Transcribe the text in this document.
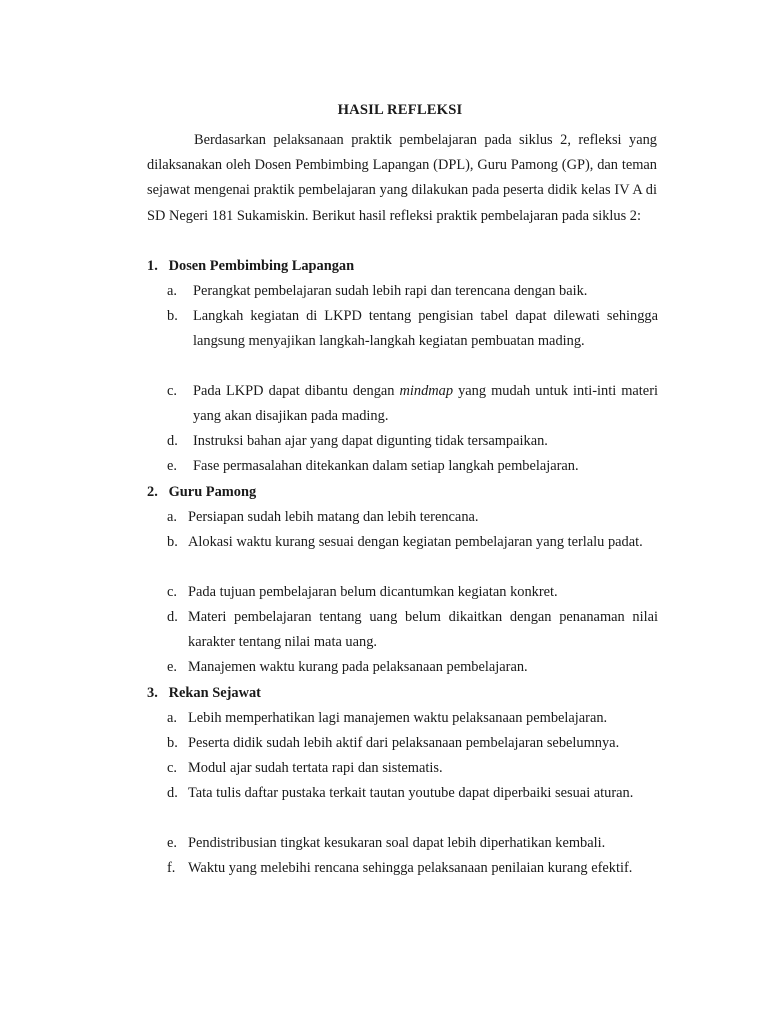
HASIL REFLEKSI
Berdasarkan pelaksanaan praktik pembelajaran pada siklus 2, refleksi yang dilaksanakan oleh Dosen Pembimbing Lapangan (DPL), Guru Pamong (GP), dan teman sejawat mengenai praktik pembelajaran yang dilakukan pada peserta didik kelas IV A di SD Negeri 181 Sukamiskin. Berikut hasil refleksi praktik pembelajaran pada siklus 2:
1. Dosen Pembimbing Lapangan
a.	Perangkat pembelajaran sudah lebih rapi dan terencana dengan baik.
b.	Langkah kegiatan di LKPD tentang pengisian tabel dapat dilewati sehingga langsung menyajikan langkah-langkah kegiatan pembuatan mading.
c.	Pada LKPD dapat dibantu dengan mindmap yang mudah untuk inti-inti materi yang akan disajikan pada mading.
d.	Instruksi bahan ajar yang dapat digunting tidak tersampaikan.
e.	Fase permasalahan ditekankan dalam setiap langkah pembelajaran.
2. Guru Pamong
a. Persiapan sudah lebih matang dan lebih terencana.
b. Alokasi waktu kurang sesuai dengan kegiatan pembelajaran yang terlalu padat.
c. Pada tujuan pembelajaran belum dicantumkan kegiatan konkret.
d. Materi pembelajaran tentang uang belum dikaitkan dengan penanaman nilai karakter tentang nilai mata uang.
e. Manajemen waktu kurang pada pelaksanaan pembelajaran.
3. Rekan Sejawat
a. Lebih memperhatikan lagi manajemen waktu pelaksanaan pembelajaran.
b. Peserta didik sudah lebih aktif dari pelaksanaan pembelajaran sebelumnya.
c. Modul ajar sudah tertata rapi dan sistematis.
d. Tata tulis daftar pustaka terkait tautan youtube dapat diperbaiki sesuai aturan.
e. Pendistribusian tingkat kesukaran soal dapat lebih diperhatikan kembali.
f. Waktu yang melebihi rencana sehingga pelaksanaan penilaian kurang efektif.
